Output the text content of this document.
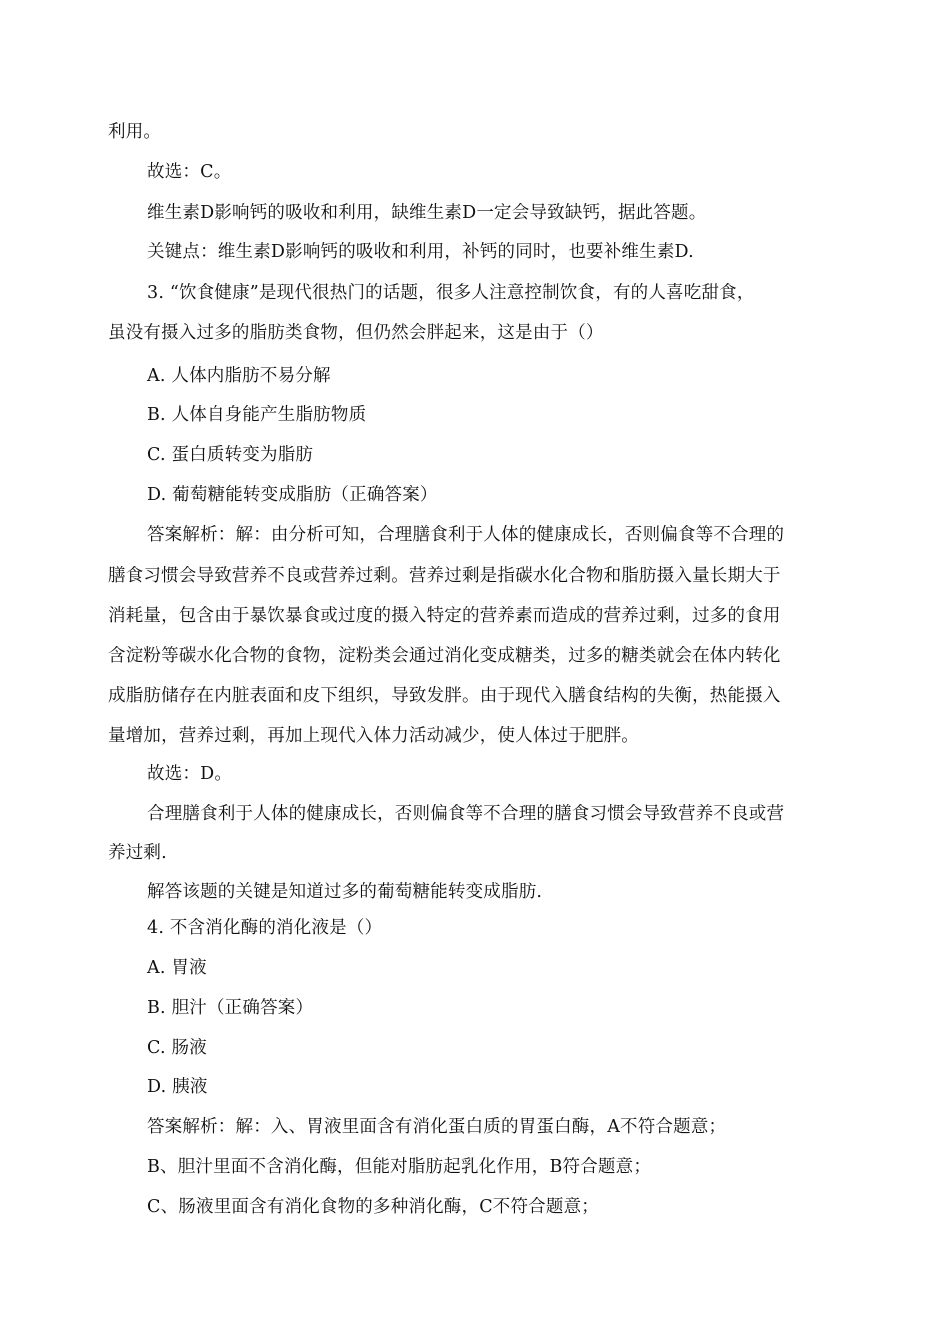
利用。
故选：C。
维生素D影响钙的吸收和利用，缺维生素D一定会导致缺钙，据此答题。
关键点：维生素D影响钙的吸收和利用，补钙的同时，也要补维生素D.
3. “饮食健康”是现代很热门的话题，很多人注意控制饮食，有的人喜吃甜食，
虽没有摄入过多的脂肪类食物，但仍然会胖起来，这是由于（）
A. 人体内脂肪不易分解
B. 人体自身能产生脂肪物质
C. 蛋白质转变为脂肪
D. 葡萄糖能转变成脂肪（正确答案）
答案解析：解：由分析可知，合理膳食利于人体的健康成长，否则偏食等不合理的
膳食习惯会导致营养不良或营养过剩。营养过剩是指碳水化合物和脂肪摄入量长期大于
消耗量，包含由于暴饮暴食或过度的摄入特定的营养素而造成的营养过剩，过多的食用
含淀粉等碳水化合物的食物，淀粉类会通过消化变成糖类，过多的糖类就会在体内转化
成脂肪储存在内脏表面和皮下组织，导致发胖。由于现代入膳食结构的失衡，热能摄入
量增加，营养过剩，再加上现代入体力活动减少，使人体过于肥胖。
故选：D。
合理膳食利于人体的健康成长，否则偏食等不合理的膳食习惯会导致营养不良或营
养过剩.
解答该题的关键是知道过多的葡萄糖能转变成脂肪.
4. 不含消化酶的消化液是（）
A. 胃液
B. 胆汁（正确答案）
C. 肠液
D. 胰液
答案解析：解：入、胃液里面含有消化蛋白质的胃蛋白酶，A不符合题意；
B、胆汁里面不含消化酶，但能对脂肪起乳化作用，B符合题意；
C、肠液里面含有消化食物的多种消化酶，C不符合题意；
